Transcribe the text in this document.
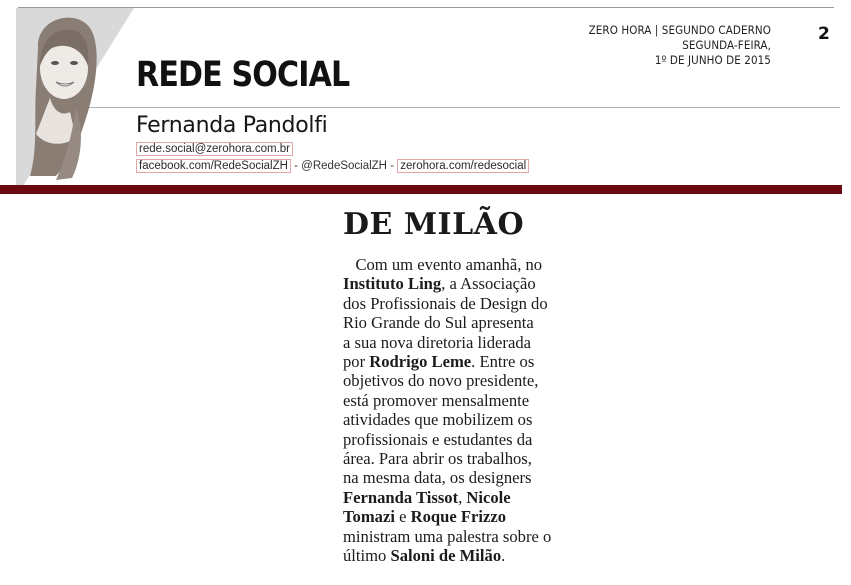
REDE SOCIAL
Fernanda Pandolfi
rede.social@zerohora.com.br
facebook.com/RedeSocialZH - @RedeSocialZH - zerohora.com/redesocial
ZERO HORA | SEGUNDO CADERNO
SEGUNDA-FEIRA,
1º DE JUNHO DE 2015
2
DE MILÃO

Com um evento amanhã, no
Instituto Ling, a Associação
dos Profissionais de Design do
Rio Grande do Sul apresenta
a sua nova diretoria liderada
por Rodrigo Leme. Entre os
objetivos do novo presidente,
está promover mensalmente
atividades que mobilizem os
profissionais e estudantes da
área. Para abrir os trabalhos,
na mesma data, os designers
Fernanda Tissot, Nicole
Tomazi e Roque Frizzo
ministram uma palestra sobre o
último Saloni de Milão.
